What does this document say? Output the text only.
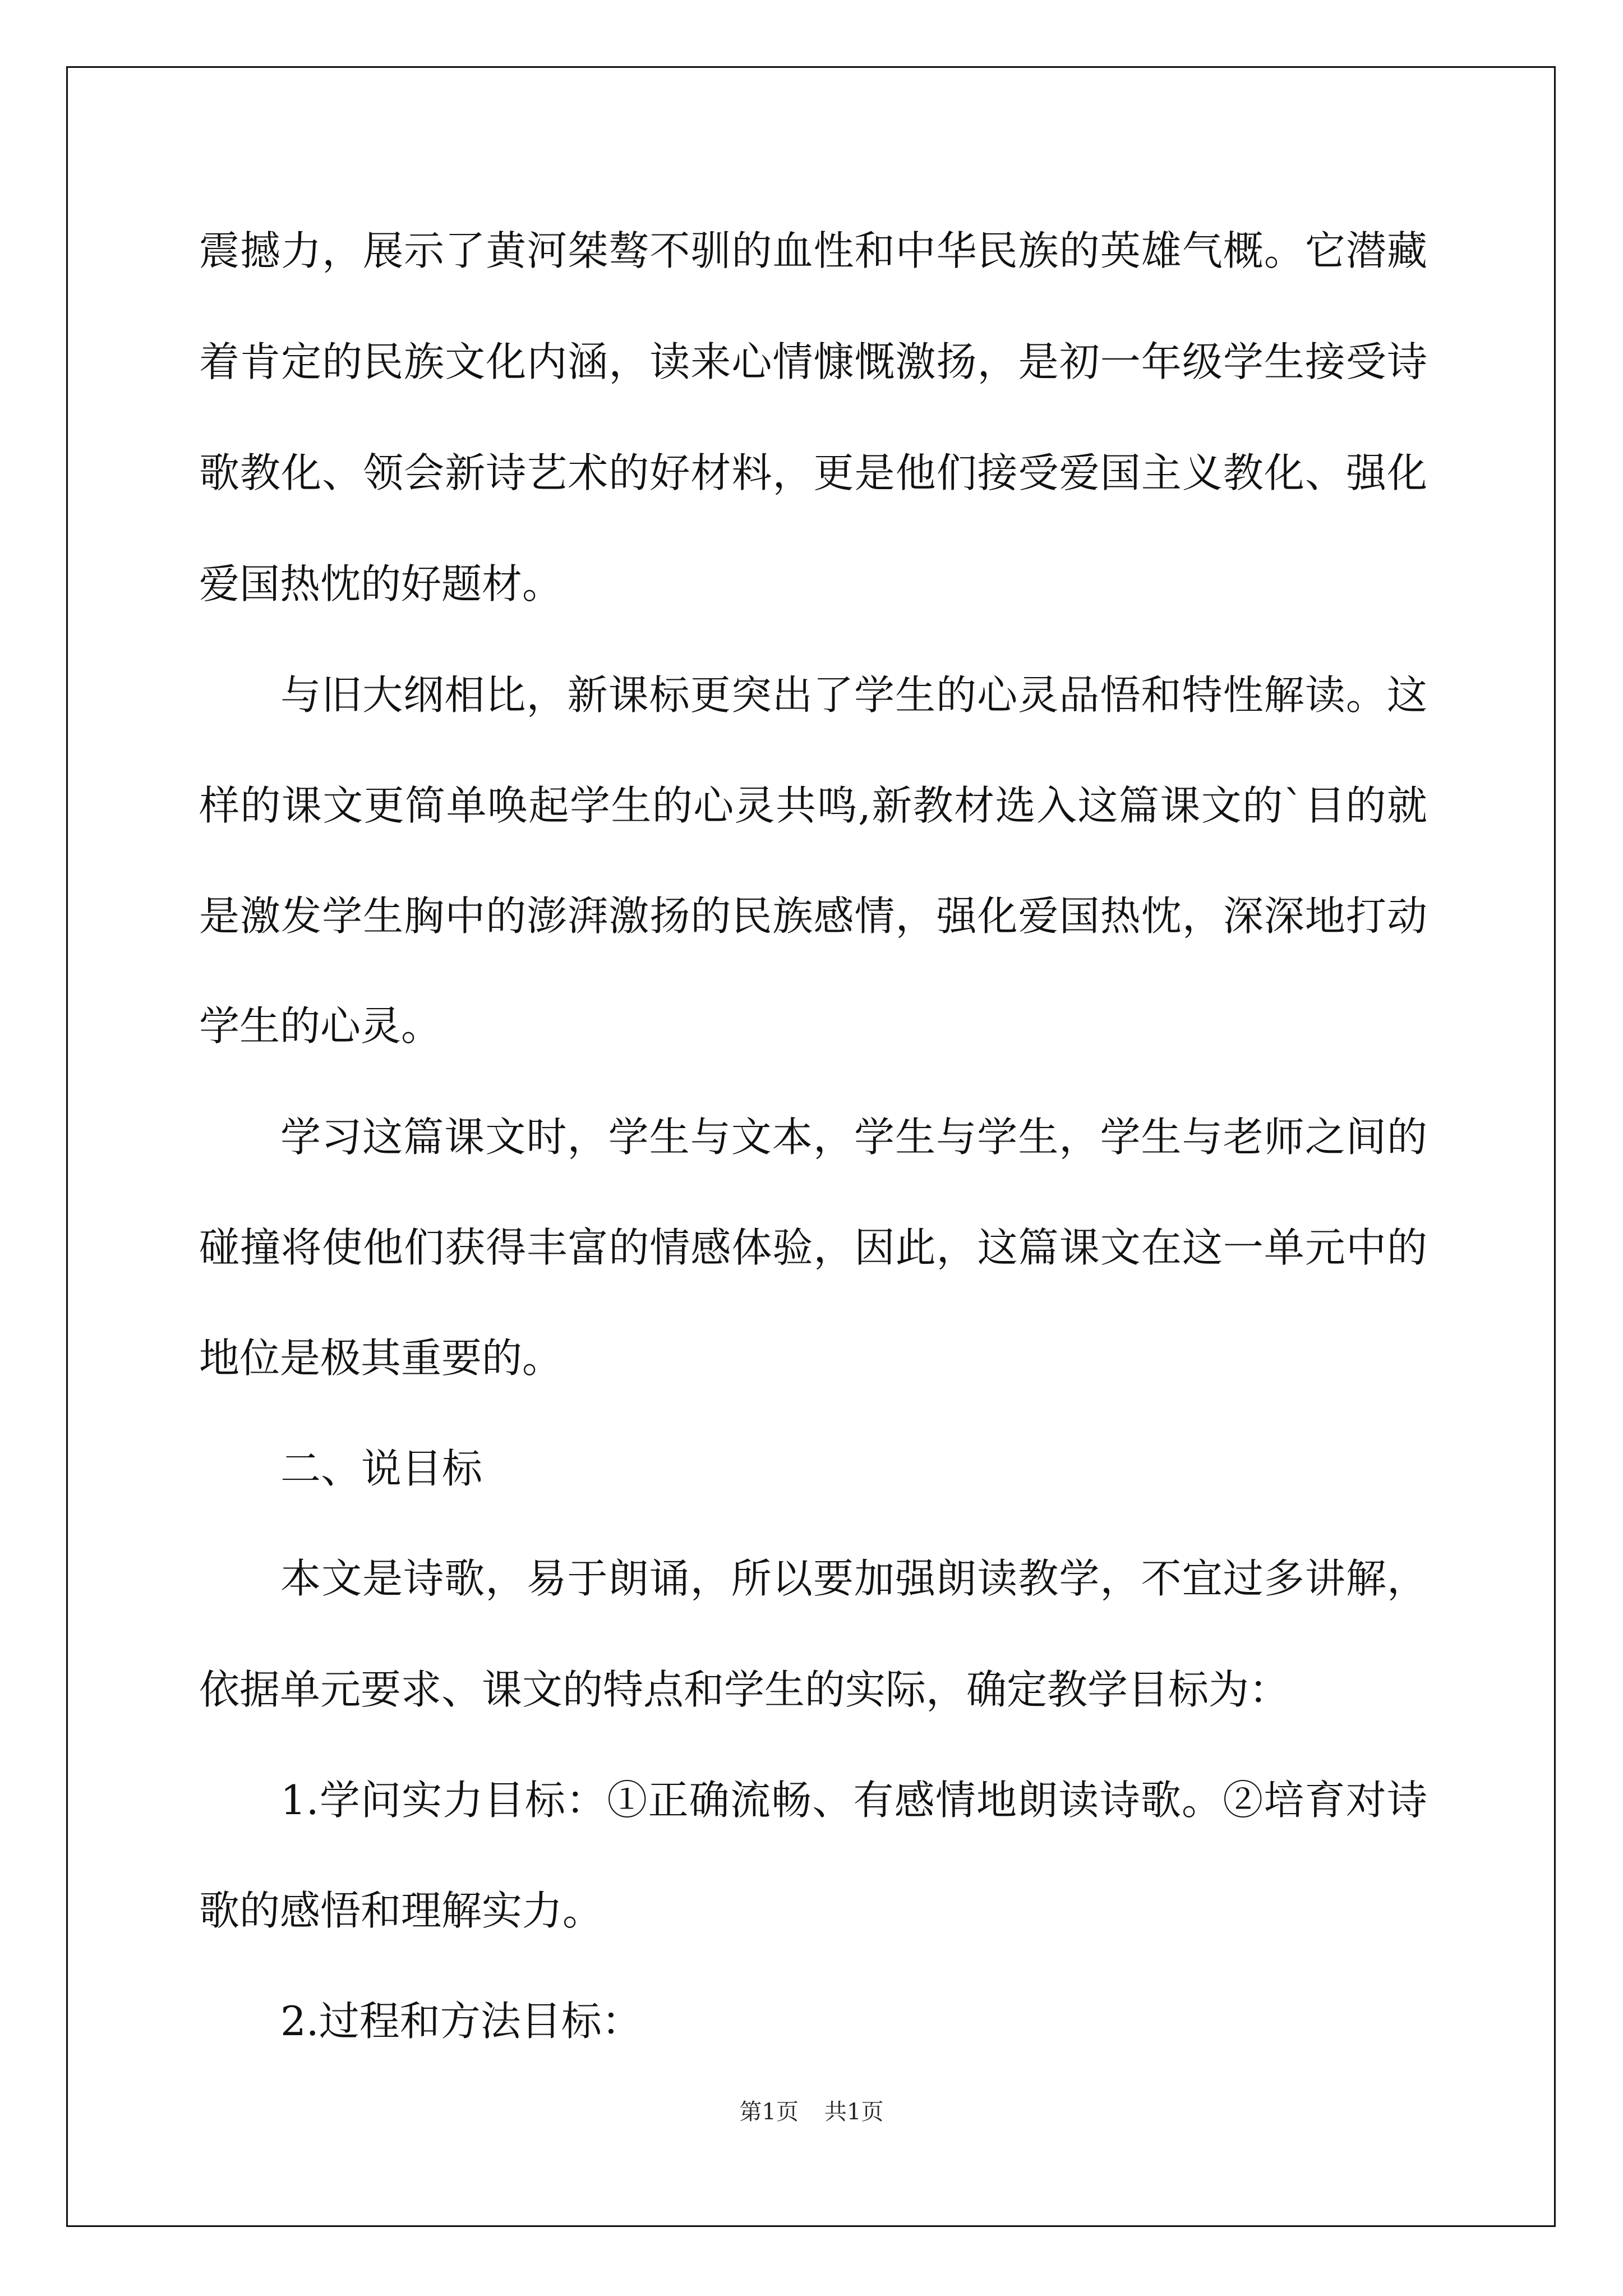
震撼力，展示了黄河桀骜不驯的血性和中华民族的英雄气概。它潜藏
着肯定的民族文化内涵，读来心情慷慨激扬，是初一年级学生接受诗
歌教化、领会新诗艺术的好材料，更是他们接受爱国主义教化、强化
爱国热忱的好题材。
与旧大纲相比，新课标更突出了学生的心灵品悟和特性解读。这
样的课文更简单唤起学生的心灵共鸣,新教材选入这篇课文的`目的就
是激发学生胸中的澎湃激扬的民族感情，强化爱国热忱，深深地打动
学生的心灵。
学习这篇课文时，学生与文本，学生与学生，学生与老师之间的
碰撞将使他们获得丰富的情感体验，因此，这篇课文在这一单元中的
地位是极其重要的。
二、说目标
本文是诗歌，易于朗诵，所以要加强朗读教学，不宜过多讲解，
依据单元要求、课文的特点和学生的实际，确定教学目标为：
1.学问实力目标：①正确流畅、有感情地朗读诗歌。②培育对诗
歌的感悟和理解实力。
2.过程和方法目标：
第1页 共1页
